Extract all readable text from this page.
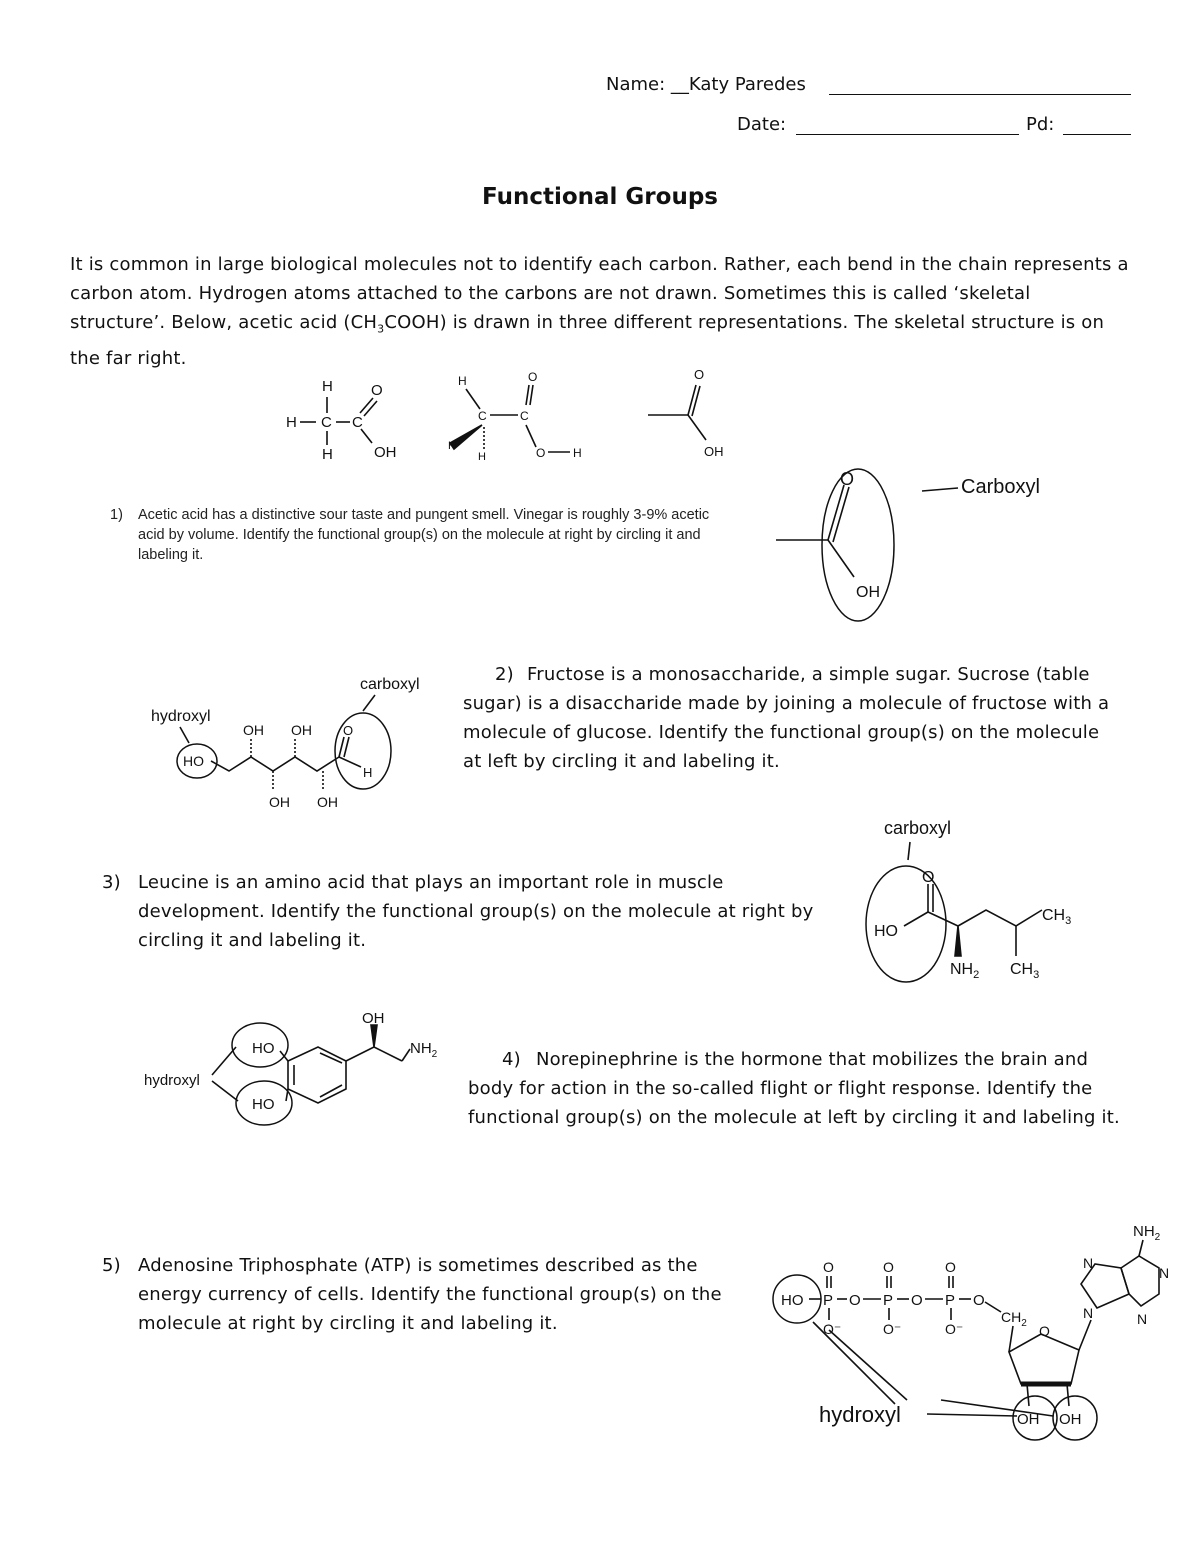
Name: __Katy Paredes
Date:	Pd:
Functional Groups
It is common in large biological molecules not to identify each carbon. Rather, each bend in the chain represents a carbon atom. Hydrogen atoms attached to the carbons are not drawn. Sometimes this is called ‘skeletal structure’. Below, acetic acid $(CH_3COOH)$ is drawn in three different representations. The skeletal structure is on the far right.
H
H C C
O
OH
H
H
C
H
H
C
O
O H
O
OH
1)	Acetic acid has a distinctive sour taste and pungent smell. Vinegar is roughly 3-9% acetic acid by volume. Identify the functional group(s) on the molecule at right by circling it and labeling it.
O
OH
Carboxyl
carboxyl
hydroxyl
HO
OH OH
OH OH
O
H
2) Fructose is a monosaccharide, a simple sugar. Sucrose (table sugar) is a disaccharide made by joining a molecule of fructose with a molecule of glucose. Identify the functional group(s) on the molecule at left by circling it and labeling it.
3) Leucine is an amino acid that plays an important role in muscle development. Identify the functional group(s) on the molecule at right by circling it and labeling it.
carboxyl
HO
O
$NH_2$
$CH_3$
$CH_3$
hydroxyl
HO
HO
OH
$NH_2$	4) Norepinephrine is the hormone that mobilizes the brain and body for action in the so-called flight or flight response. Identify the functional group(s) on the molecule at left by circling it and labeling it.
5) Adenosine Triphosphate (ATP) is sometimes described as the energy currency of cells. Identify the functional group(s) on the molecule at right by circling it and labeling it.
HO P O P O P O
O	O	O
O⁻	O⁻	O⁻
$CH_2$ O
OH OH
N
N
N
N
$NH_2$
hydroxyl
